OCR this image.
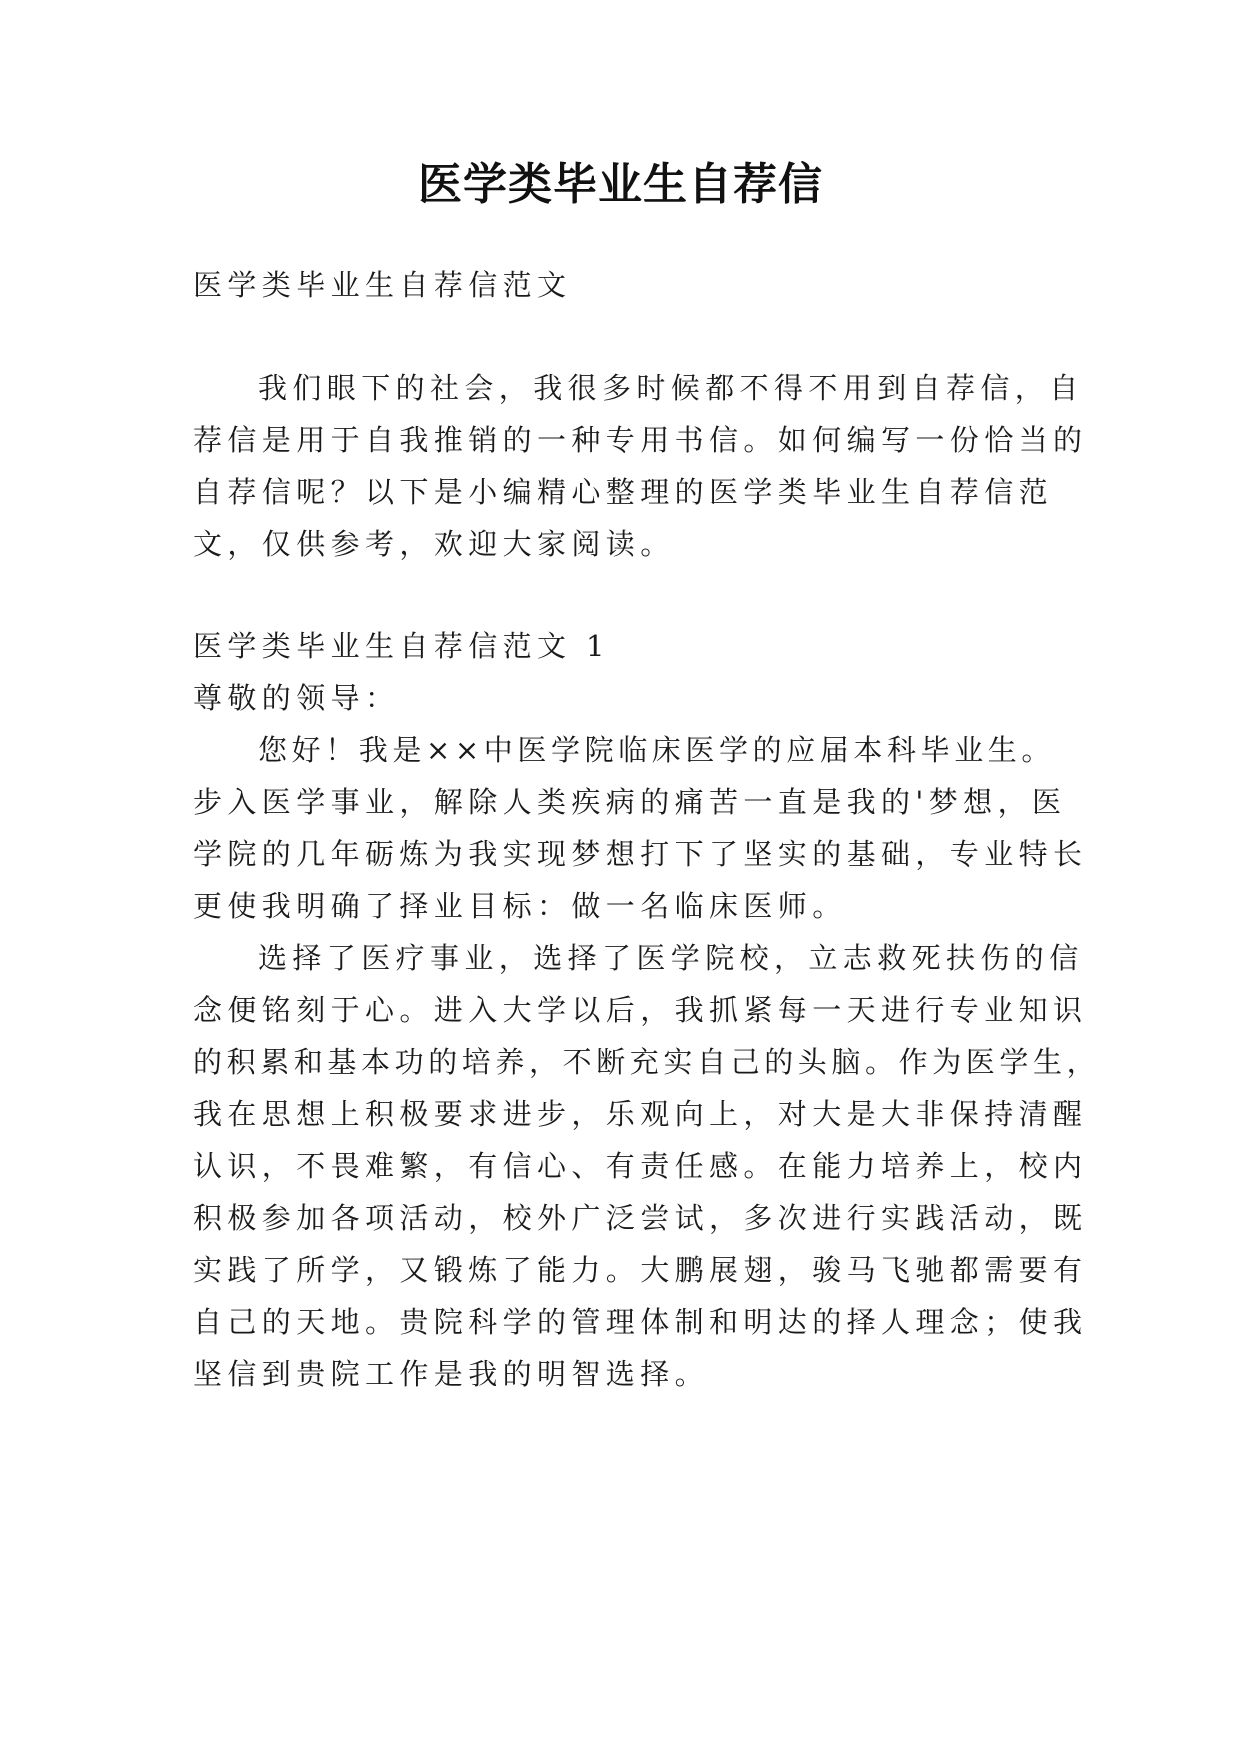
医学类毕业生自荐信
医学类毕业生自荐信范文
我们眼下的社会，我很多时候都不得不用到自荐信，自
荐信是用于自我推销的一种专用书信。如何编写一份恰当的
自荐信呢？以下是小编精心整理的医学类毕业生自荐信范
文，仅供参考，欢迎大家阅读。
医学类毕业生自荐信范文 1
尊敬的领导：
您好！我是××中医学院临床医学的应届本科毕业生。
步入医学事业，解除人类疾病的痛苦一直是我的'梦想，医
学院的几年砺炼为我实现梦想打下了坚实的基础，专业特长
更使我明确了择业目标：做一名临床医师。
选择了医疗事业，选择了医学院校，立志救死扶伤的信
念便铭刻于心。进入大学以后，我抓紧每一天进行专业知识
的积累和基本功的培养，不断充实自己的头脑。作为医学生，
我在思想上积极要求进步，乐观向上，对大是大非保持清醒
认识，不畏难繁，有信心、有责任感。在能力培养上，校内
积极参加各项活动，校外广泛尝试，多次进行实践活动，既
实践了所学，又锻炼了能力。大鹏展翅，骏马飞驰都需要有
自己的天地。贵院科学的管理体制和明达的择人理念；使我
坚信到贵院工作是我的明智选择。
